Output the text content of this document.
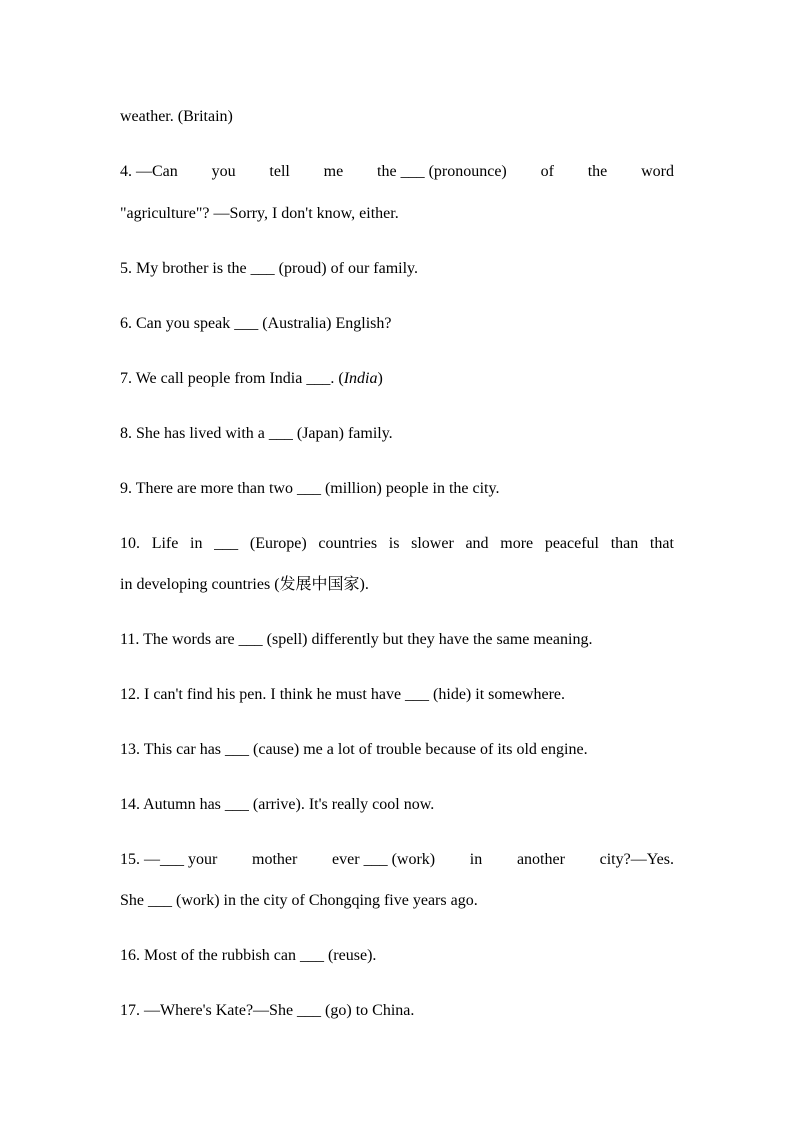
weather. (Britain)
4. —Can you tell me the ___ (pronounce) of the word
"agriculture"? —Sorry, I don't know, either.
5. My brother is the ___ (proud) of our family.
6. Can you speak ___ (Australia) English?
7. We call people from India ___. (India)
8. She has lived with a ___ (Japan) family.
9. There are more than two ___ (million) people in the city.
10. Life in ___ (Europe) countries is slower and more peaceful than that
in developing countries (发展中国家).
11. The words are ___ (spell) differently but they have the same meaning.
12. I can't find his pen. I think he must have ___ (hide) it somewhere.
13. This car has ___ (cause) me a lot of trouble because of its old engine.
14. Autumn has ___ (arrive). It's really cool now.
15. —___ your mother ever ___ (work) in another city?—Yes.
She ___ (work) in the city of Chongqing five years ago.
16. Most of the rubbish can ___ (reuse).
17. —Where's Kate?—She ___ (go) to China.
